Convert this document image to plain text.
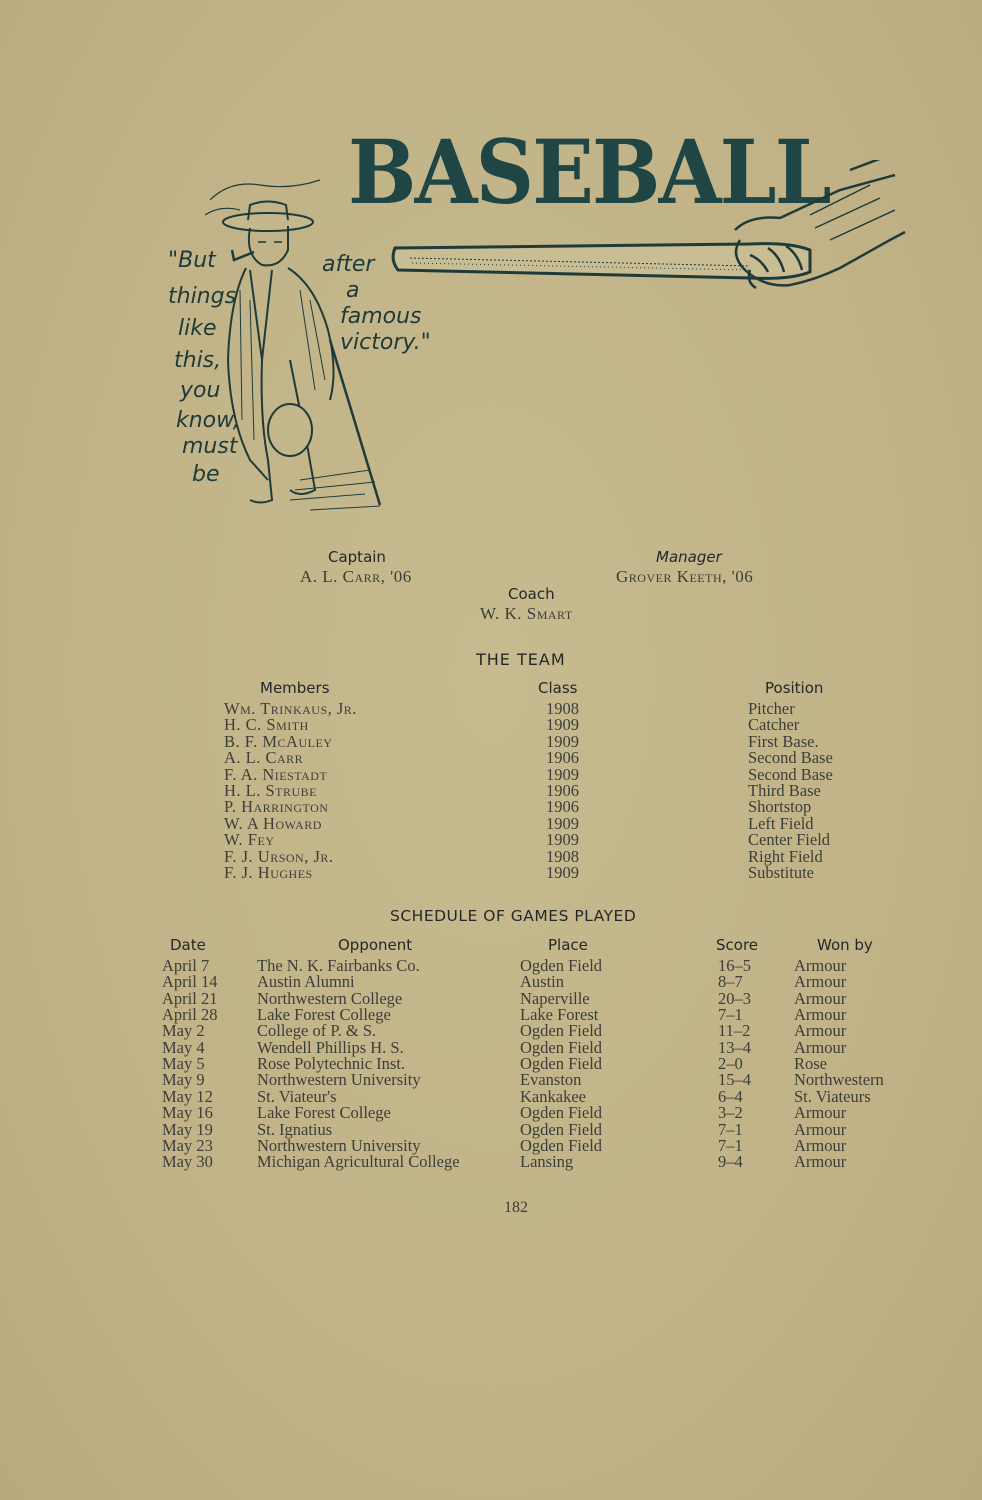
BASEBALL
"But
things
like
this,
you
know,
must
be
after
a
famous
victory."
Captain
A. L. Carr, '06
Manager
Grover Keeth, '06
Coach
W. K. Smart
THE TEAM
Members	Class	Position
Wm. Trinkaus, Jr.	1908	Pitcher
H. C. Smith	1909	Catcher
B. F. McAuley	1909	First Base.
A. L. Carr	1906	Second Base
F. A. Niestadt	1909	Second Base
H. L. Strube	1906	Third Base
P. Harrington	1906	Shortstop
W. A Howard	1909	Left Field
W. Fey	1909	Center Field
F. J. Urson, Jr.	1908	Right Field
F. J. Hughes	1909	Substitute
SCHEDULE OF GAMES PLAYED
Date	Opponent	Place	Score	Won by
April 7	The N. K. Fairbanks Co.	Ogden Field	16–5	Armour
April 14 Austin Alumni	Austin	8–7	Armour
April 21 Northwestern College	Naperville	20–3	Armour
April 28 Lake Forest College	Lake Forest	7–1	Armour
May 2	College of P. & S.	Ogden Field	11–2	Armour
May 4	Wendell Phillips H. S.	Ogden Field	13–4	Armour
May 5	Rose Polytechnic Inst.	Ogden Field	2–0	Rose
May 9	Northwestern University	Evanston	15–4	Northwestern
May 12	St. Viateur's	Kankakee	6–4	St. Viateurs
May 16	Lake Forest College	Ogden Field	3–2	Armour
May 19	St. Ignatius	Ogden Field	7–1	Armour
May 23	Northwestern University	Ogden Field	7–1	Armour
May 30	Michigan Agricultural College	Lansing	9–4	Armour
182
